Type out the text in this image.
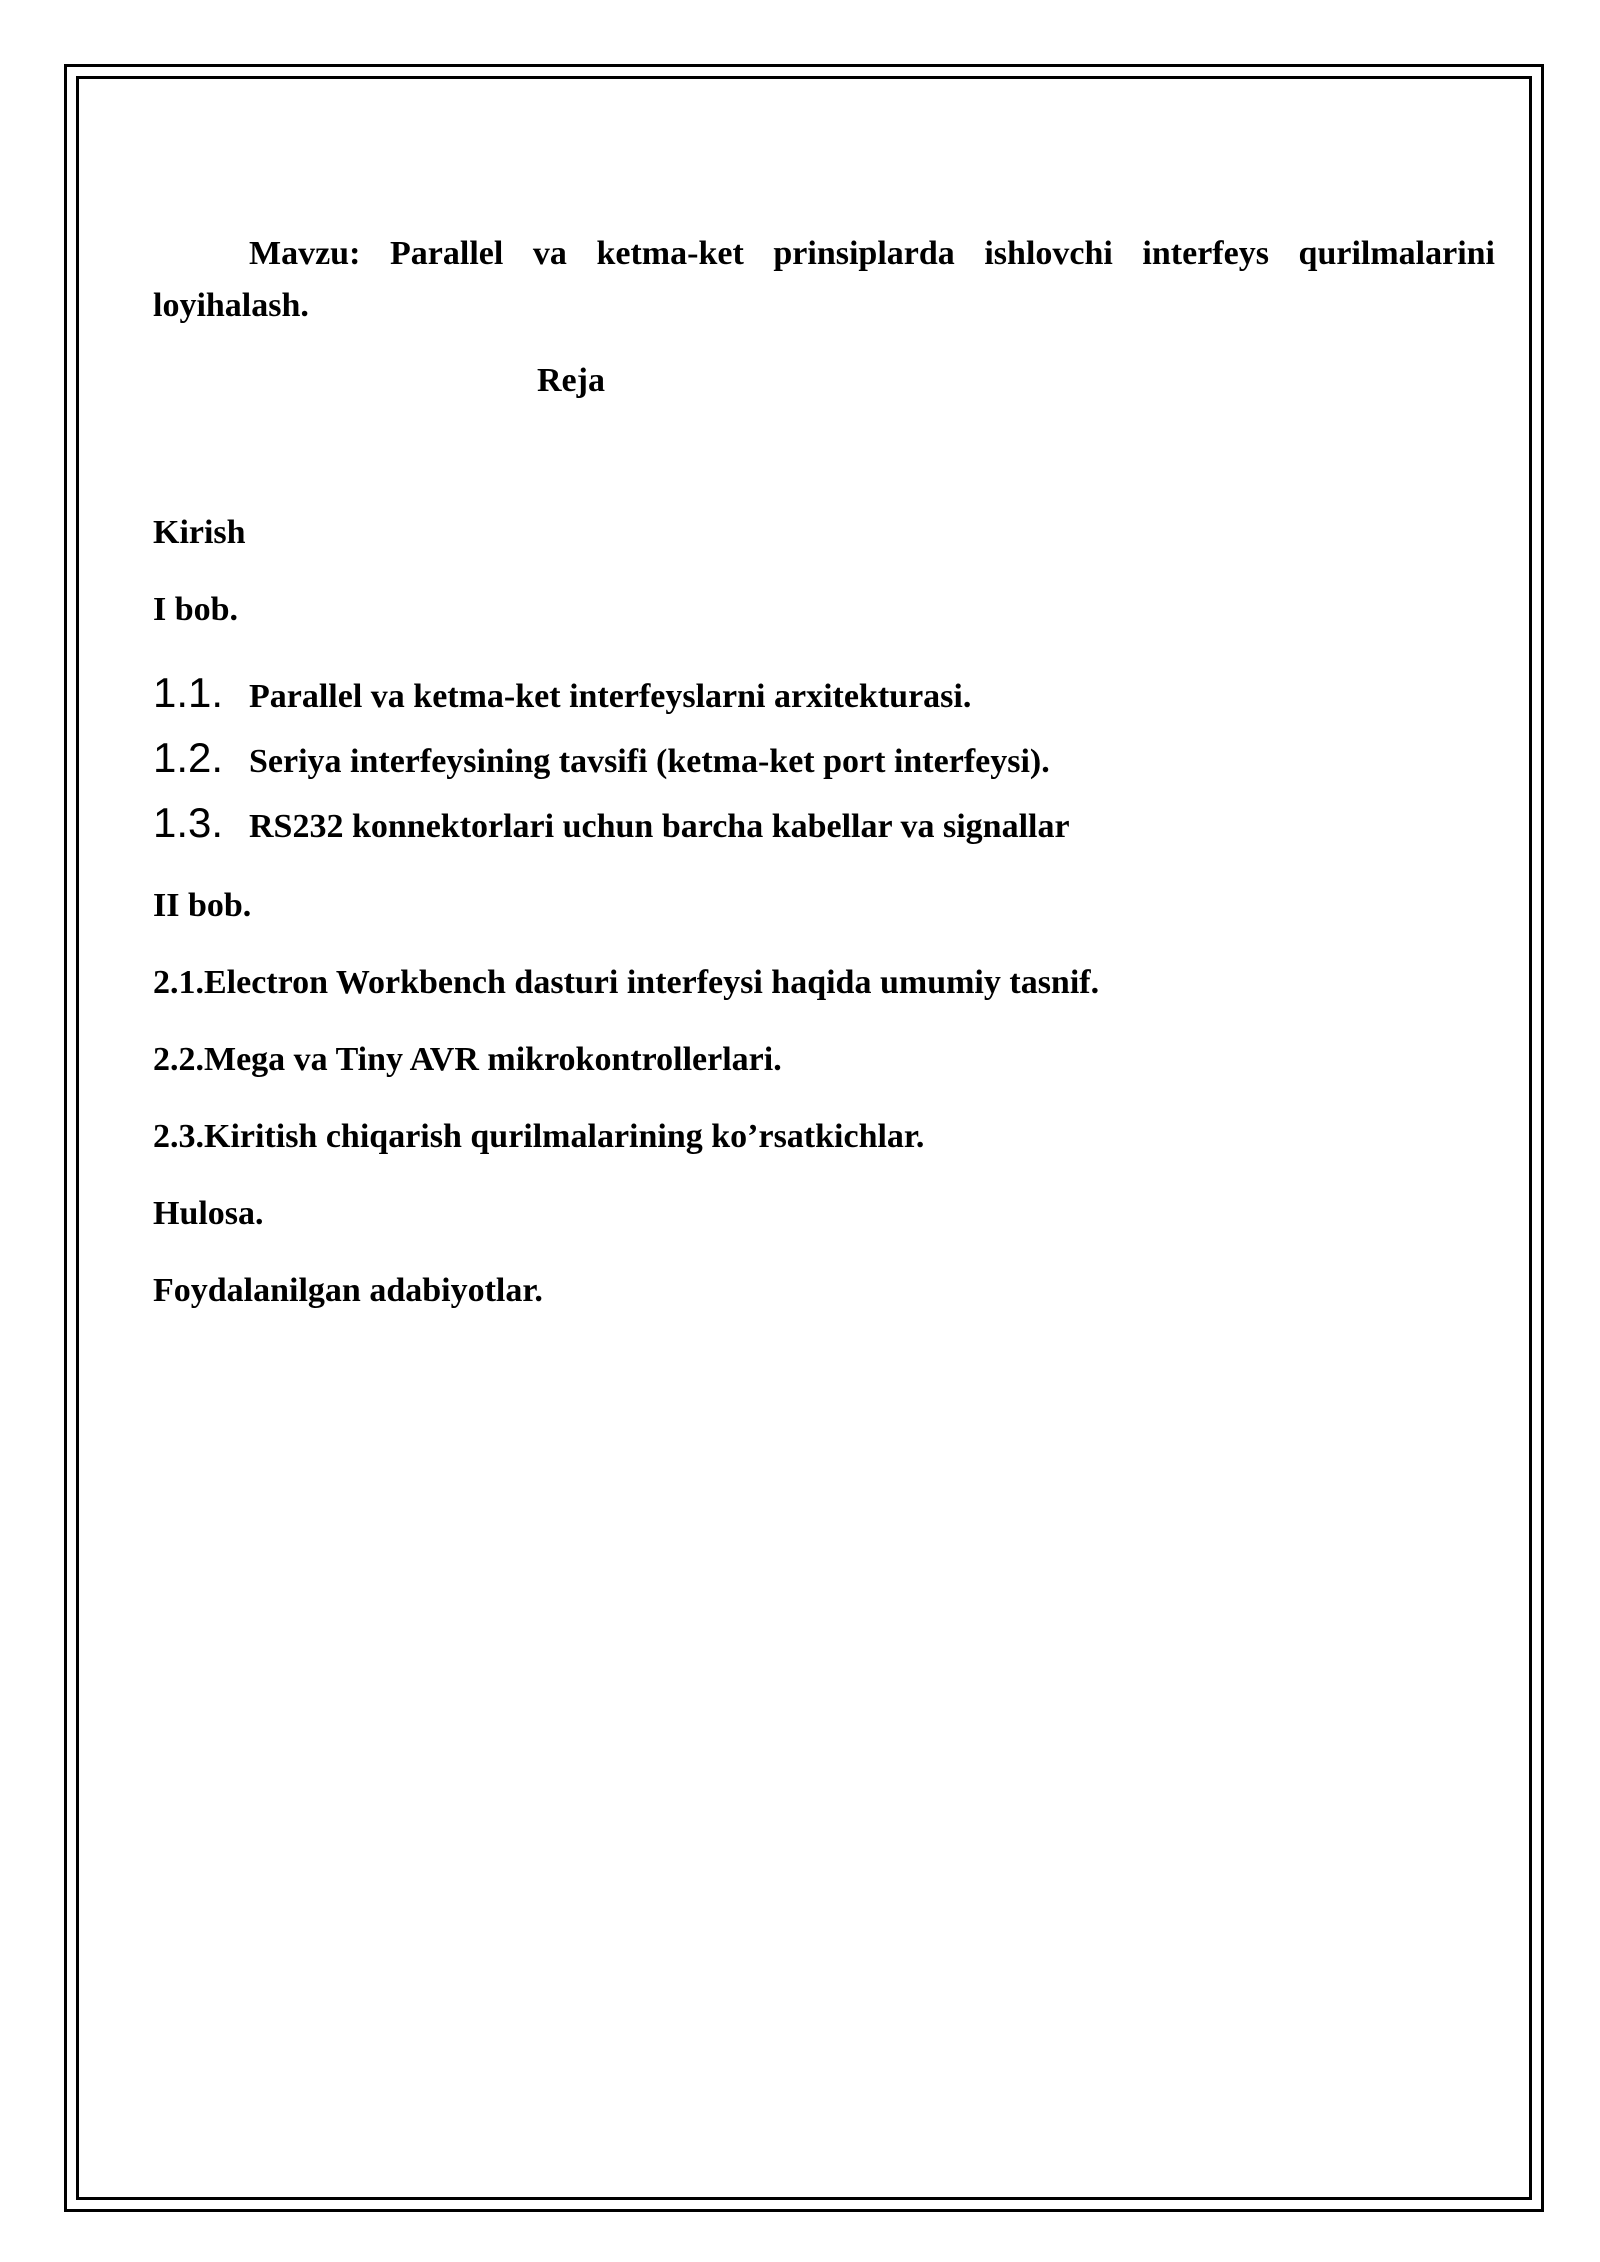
Mavzu: Parallel va ketma-ket prinsiplarda ishlovchi interfeys qurilmalarini loyihalash.
Reja
Kirish
I bob.
1.1. Parallel va ketma-ket interfeyslarni arxitekturasi.
1.2. Seriya interfeysining tavsifi (ketma-ket port interfeysi).
1.3. RS232 konnektorlari uchun barcha kabellar va signallar
II bob.
2.1.Electron Workbench dasturi interfeysi haqida umumiy tasnif.
2.2.Mega va Tiny AVR mikrokontrollerlari.
2.3.Kiritish chiqarish qurilmalarining ko’rsatkichlar.
Hulosa.
Foydalanilgan adabiyotlar.
